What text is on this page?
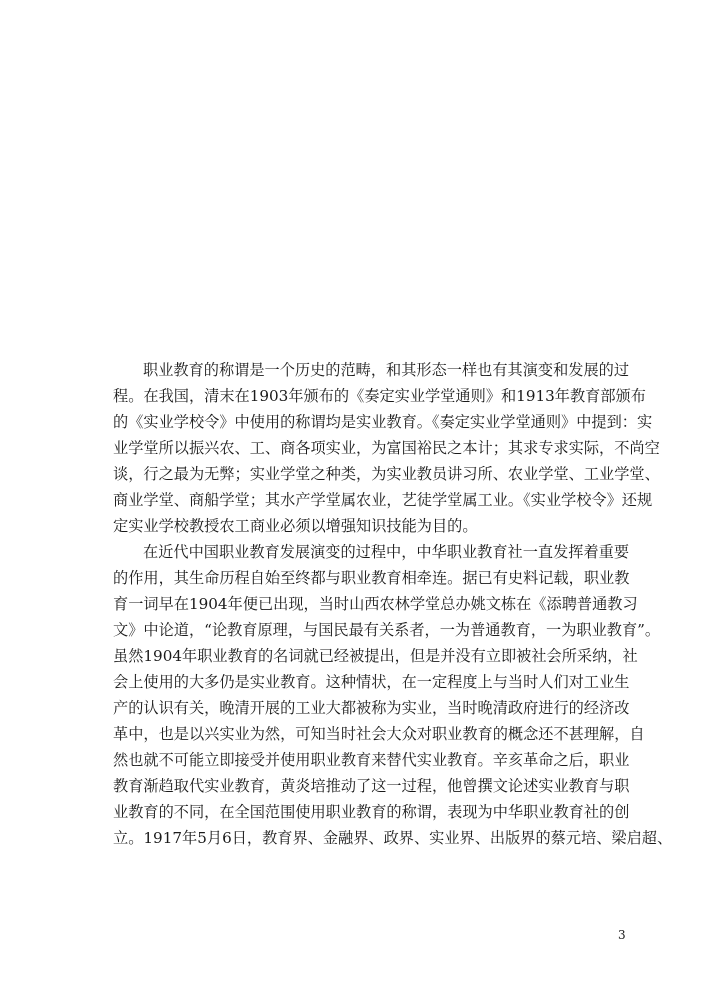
职业教育的称谓是一个历史的范畴，和其形态一样也有其演变和发展的过
程。在我国，清末在1903年颁布的《奏定实业学堂通则》和1913年教育部颁布
的《实业学校令》中使用的称谓均是实业教育。《奏定实业学堂通则》中提到：实
业学堂所以振兴农、工、商各项实业，为富国裕民之本计；其求专求实际，不尚空
谈，行之最为无弊；实业学堂之种类，为实业教员讲习所、农业学堂、工业学堂、
商业学堂、商船学堂；其水产学堂属农业，艺徒学堂属工业。《实业学校令》还规
定实业学校教授农工商业必须以增强知识技能为目的。
在近代中国职业教育发展演变的过程中，中华职业教育社一直发挥着重要
的作用，其生命历程自始至终都与职业教育相牵连。据已有史料记载，职业教
育一词早在1904年便已出现，当时山西农林学堂总办姚文栋在《添聘普通教习
文》中论道，“论教育原理，与国民最有关系者，一为普通教育，一为职业教育”。
虽然1904年职业教育的名词就已经被提出，但是并没有立即被社会所采纳，社
会上使用的大多仍是实业教育。这种情状，在一定程度上与当时人们对工业生
产的认识有关，晚清开展的工业大都被称为实业，当时晚清政府进行的经济改
革中，也是以兴实业为然，可知当时社会大众对职业教育的概念还不甚理解，自
然也就不可能立即接受并使用职业教育来替代实业教育。辛亥革命之后，职业
教育渐趋取代实业教育，黄炎培推动了这一过程，他曾撰文论述实业教育与职
业教育的不同，在全国范围使用职业教育的称谓，表现为中华职业教育社的创
立。1917年5月6日，教育界、金融界、政界、实业界、出版界的蔡元培、梁启超、
3
